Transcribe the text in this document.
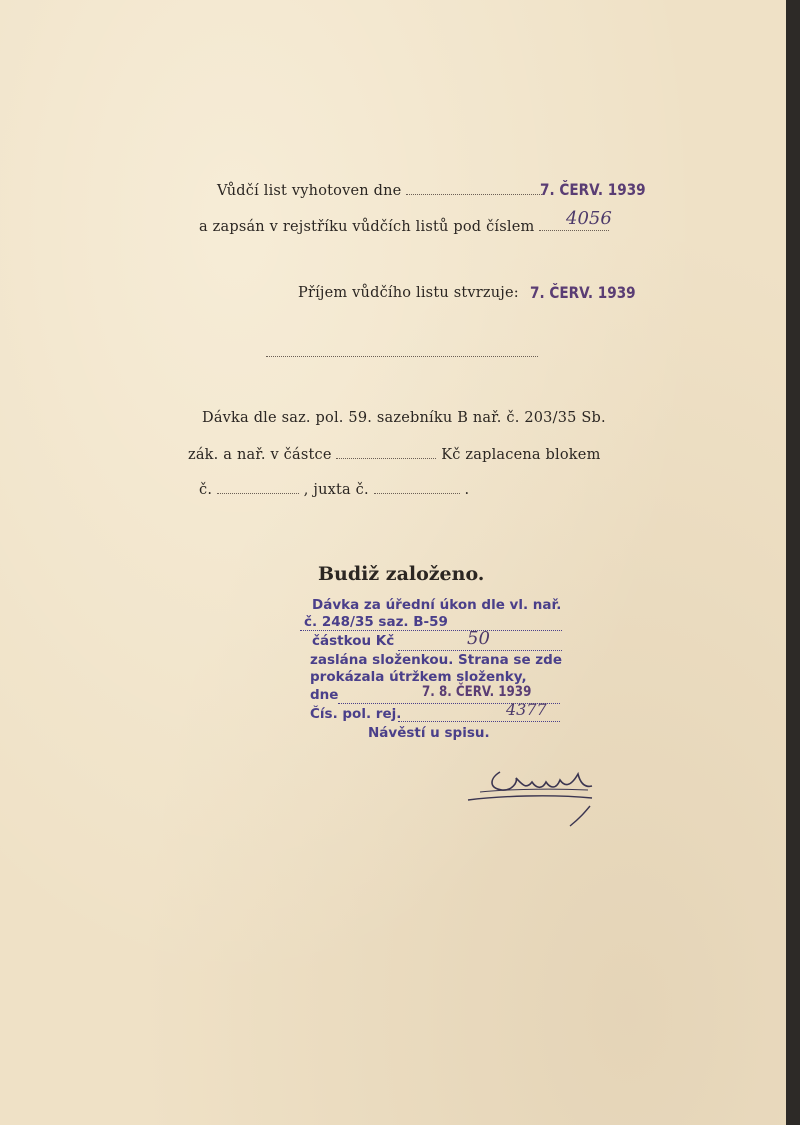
Vůdčí list vyhotoven dne	7. ČERV. 1939
a zapsán v rejstříku vůdčích listů pod číslem	4056
Příjem vůdčího listu stvrzuje: 7. ČERV. 1939
Dávka dle saz. pol. 59. sazebníku B nař. č. 203/35 Sb.
zák. a nař. v částce	Kč zaplacena blokem
č.	, juxta č.	.
Budiž založeno.
Dávka za úřední úkon dle vl. nař.
č. 248/35 saz. B-59
částkou Kč	50
zaslána složenkou. Strana se zde
prokázala útržkem složenky,
dne	7. 8. ČERV. 1939
Čís. pol. rej.	4377
Návěstí u spisu.
